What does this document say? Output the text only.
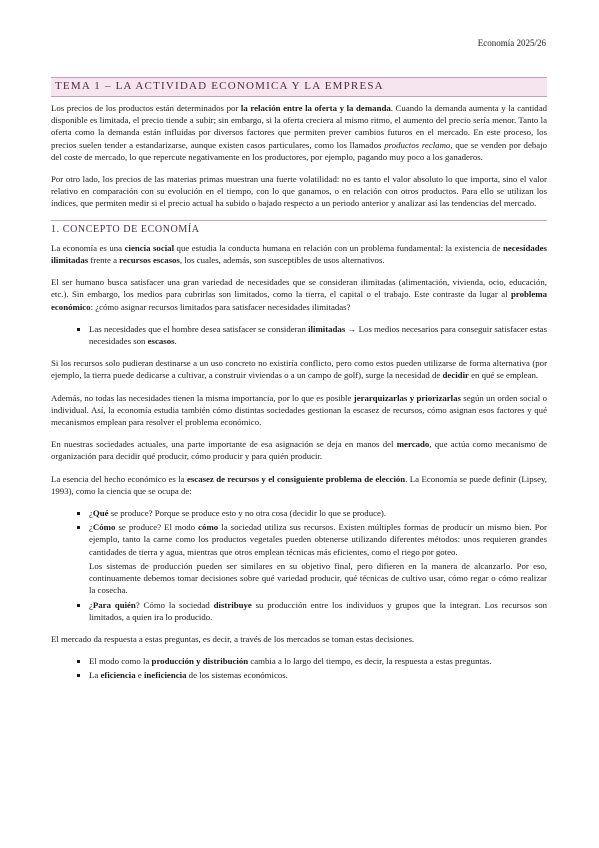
Economía 2025/26
TEMA 1 – LA ACTIVIDAD ECONOMICA Y LA EMPRESA

Los precios de los productos están determinados por la relación entre la oferta y la demanda. Cuando la demanda aumenta y la cantidad disponible es limitada, el precio tiende a subir; sin embargo, si la oferta creciera al mismo ritmo, el aumento del precio sería menor. Tanto la oferta como la demanda están influidas por diversos factores que permiten prever cambios futuros en el mercado. En este proceso, los precios suelen tender a estandarizarse, aunque existen casos particulares, como los llamados productos reclamo, que se venden por debajo del coste de mercado, lo que repercute negativamente en los productores, por ejemplo, pagando muy poco a los ganaderos.

Por otro lado, los precios de las materias primas muestran una fuerte volatilidad: no es tanto el valor absoluto lo que importa, sino el valor relativo en comparación con su evolución en el tiempo, con lo que ganamos, o en relación con otros productos. Para ello se utilizan los índices, que permiten medir si el precio actual ha subido o bajado respecto a un periodo anterior y analizar así las tendencias del mercado.

1. CONCEPTO DE ECONOMÍA

La economía es una ciencia social que estudia la conducta humana en relación con un problema fundamental: la existencia de necesidades ilimitadas frente a recursos escasos, los cuales, además, son susceptibles de usos alternativos.

El ser humano busca satisfacer una gran variedad de necesidades que se consideran ilimitadas (alimentación, vivienda, ocio, educación, etc.). Sin embargo, los medios para cubrirlas son limitados, como la tierra, el capital o el trabajo. Este contraste da lugar al problema económico: ¿cómo asignar recursos limitados para satisfacer necesidades ilimitadas?

▪ Las necesidades que el hombre desea satisfacer se consideran ilimitadas → Los medios necesarios para conseguir satisfacer estas necesidades son escasos.

Si los recursos solo pudieran destinarse a un uso concreto no existiría conflicto, pero como estos pueden utilizarse de forma alternativa (por ejemplo, la tierra puede dedicarse a cultivar, a construir viviendas o a un campo de golf), surge la necesidad de decidir en qué se emplean.

Además, no todas las necesidades tienen la misma importancia, por lo que es posible jerarquizarlas y priorizarlas según un orden social o individual. Así, la economía estudia también cómo distintas sociedades gestionan la escasez de recursos, cómo asignan esos factores y qué mecanismos emplean para resolver el problema económico.

En nuestras sociedades actuales, una parte importante de esa asignación se deja en manos del mercado, que actúa como mecanismo de organización para decidir qué producir, cómo producir y para quién producir.

La esencia del hecho económico es la escasez de recursos y el consiguiente problema de elección. La Economía se puede definir (Lipsey, 1993), como la ciencia que se ocupa de:

▪ ¿Qué se produce? Porque se produce esto y no otra cosa (decidir lo que se produce).
▪ ¿Cómo se produce? El modo cómo la sociedad utiliza sus recursos. Existen múltiples formas de producir un mismo bien. Por ejemplo, tanto la carne como los productos vegetales pueden obtenerse utilizando diferentes métodos: unos requieren grandes cantidades de tierra y agua, mientras que otros emplean técnicas más eficientes, como el riego por goteo.
Los sistemas de producción pueden ser similares en su objetivo final, pero difieren en la manera de alcanzarlo. Por eso, continuamente debemos tomar decisiones sobre qué variedad producir, qué técnicas de cultivo usar, cómo regar o cómo realizar la cosecha.
▪ ¿Para quién? Cómo la sociedad distribuye su producción entre los individuos y grupos que la integran. Los recursos son limitados, a quien ira lo producido.

El mercado da respuesta a estas preguntas, es decir, a través de los mercados se toman estas decisiones.

▪ El modo como la producción y distribución cambia a lo largo del tiempo, es decir, la respuesta a estas preguntas.
▪ La eficiencia e ineficiencia de los sistemas económicos.
